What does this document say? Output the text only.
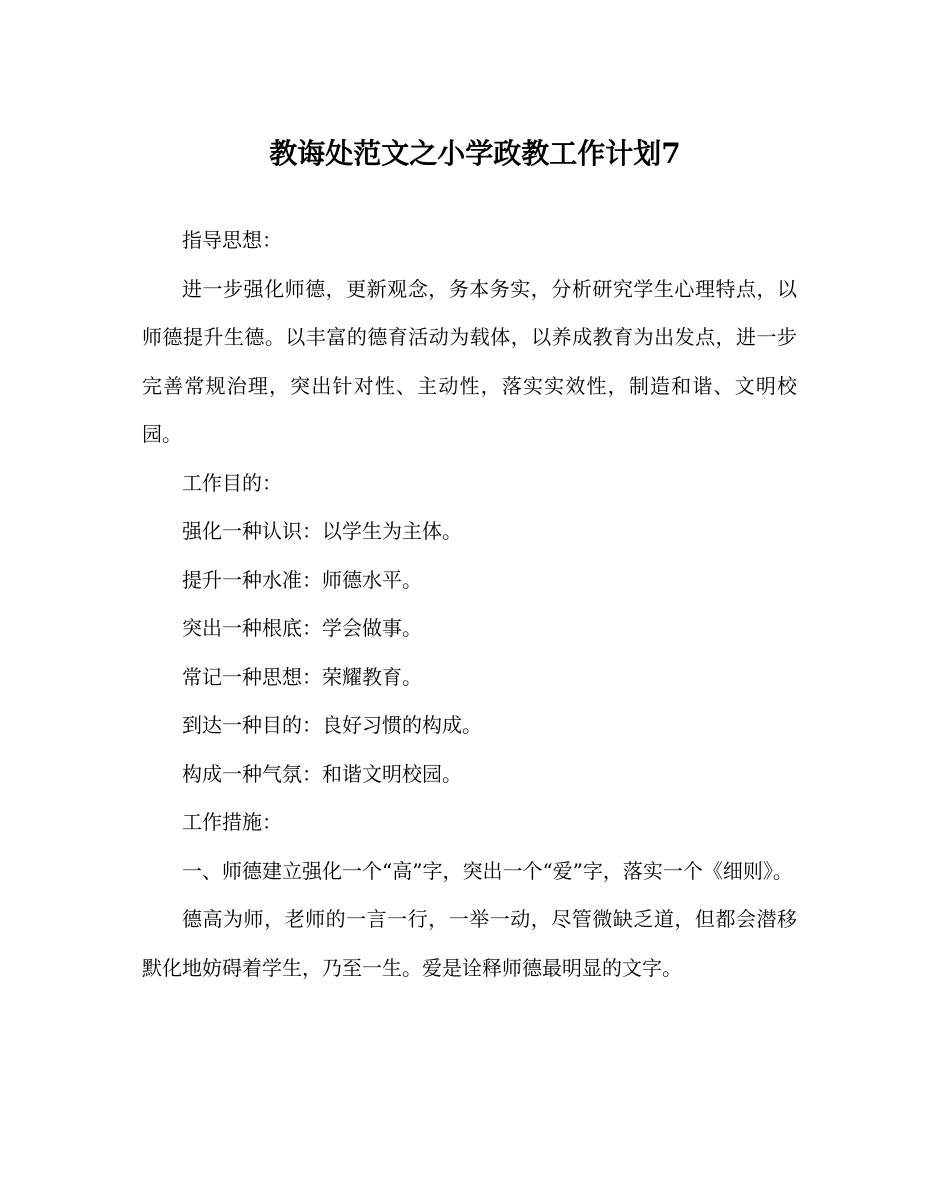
教诲处范文之小学政教工作计划7

指导思想：

进一步强化师德，更新观念，务本务实，分析研究学生心理特点，以师德提升生德。以丰富的德育活动为载体，以养成教育为出发点，进一步完善常规治理，突出针对性、主动性，落实实效性，制造和谐、文明校园。

工作目的：

强化一种认识：以学生为主体。

提升一种水准：师德水平。

突出一种根底：学会做事。

常记一种思想：荣耀教育。

到达一种目的：良好习惯的构成。

构成一种气氛：和谐文明校园。

工作措施：

一、师德建立强化一个“高”字，突出一个“爱”字，落实一个《细则》。

德高为师，老师的一言一行，一举一动，尽管微缺乏道，但都会潜移默化地妨碍着学生，乃至一生。爱是诠释师德最明显的文字。
